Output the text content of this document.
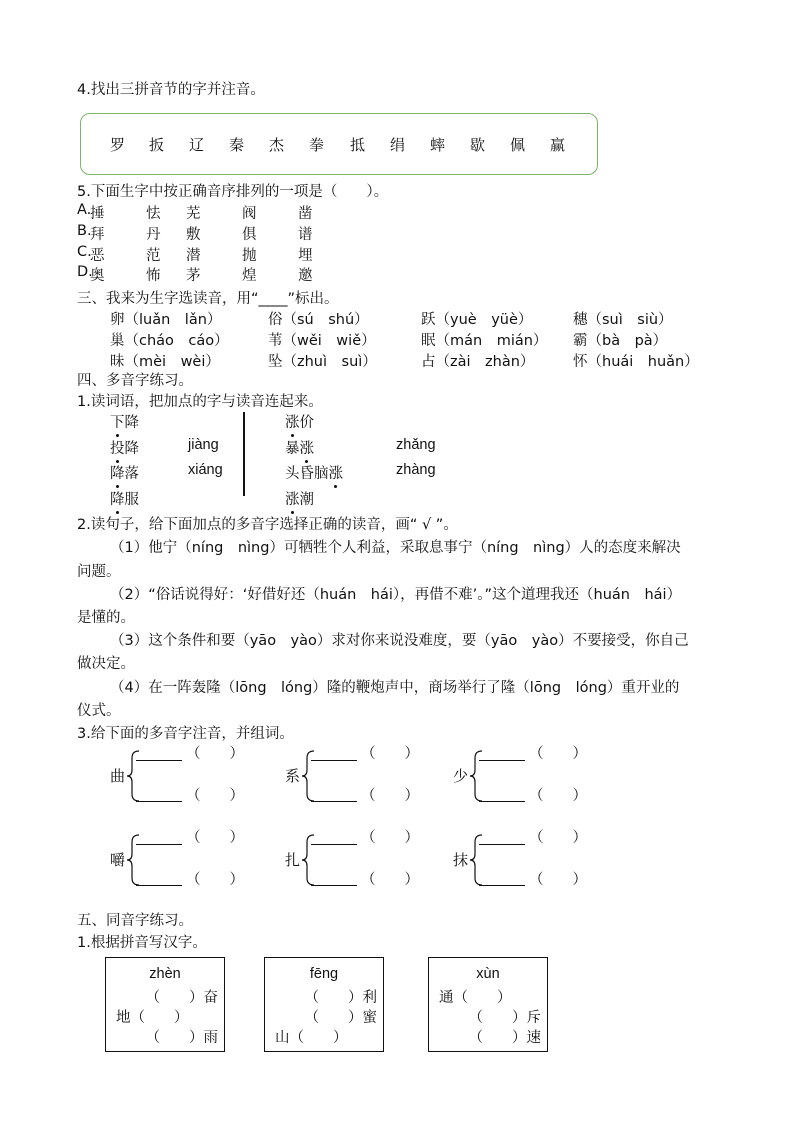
4.找出三拼音节的字并注音。
罗 扳 辽 秦 杰 拳 抵 绢 蟀 歇 佩 赢
5.下面生字中按正确音序排列的一项是（　　）。
A.
捶	怯 芜	阀	凿
B.
拜	丹 敷	俱	谱
C.
恶	范 潜	抛	埋
D.
奥	怖 茅	煌	邀
三、我来为生字选读音，用“____”标出。
卵（luǎn　lǎn）	俗（sú　shú）	跃（yuè　yüè）	穗（suì　siù）
巢（cháo　cáo）	苇（wěi　wiě）	眠（mán　mián） 霸（bà　pà）
昧（mèi　wèi）	坠（zhuì　suì）	占（zài　zhàn）	怀（huái　huǎn）
四、多音字练习。
1.读词语，把加点的字与读音连起来。
下降
投降
降落
降服
涨价
暴涨
头昏脑涨
涨潮
jiàng
xiáng
zhǎng
zhàng
2.读句子，给下面加点的多音字选择正确的读音，画“ √ ”。
（1）他宁（níng　nìng）可牺牲个人利益，采取息事宁（níng　nìng）人的态度来解决
问题。
（2）“俗话说得好：‘好借好还（huán　hái），再借不难’。”这个道理我还（huán　hái）
是懂的。
（3）这个条件和要（yāo　yào）求对你来说没难度，要（yāo　yào）不要接受，你自己
做决定。
（4）在一阵轰隆（lōng　lóng）隆的鞭炮声中，商场举行了隆（lōng　lóng）重开业的
仪式。
3.给下面的多音字注音，并组词。
曲
（　　）
（　　）
系
（　　）
（　　）
少
（　　）
（　　）
嚼
（　　）
（　　）
扎
（　　）
（　　）
抹
（　　）
（　　）
五、同音字练习。
1.根据拼音写汉字。
zhèn
（　　）奋
地（　　）
（　　）雨
fēng
（　　）利
（　　）蜜
山（　　）
xùn
通（　　）
（　　）斥
（　　）速
